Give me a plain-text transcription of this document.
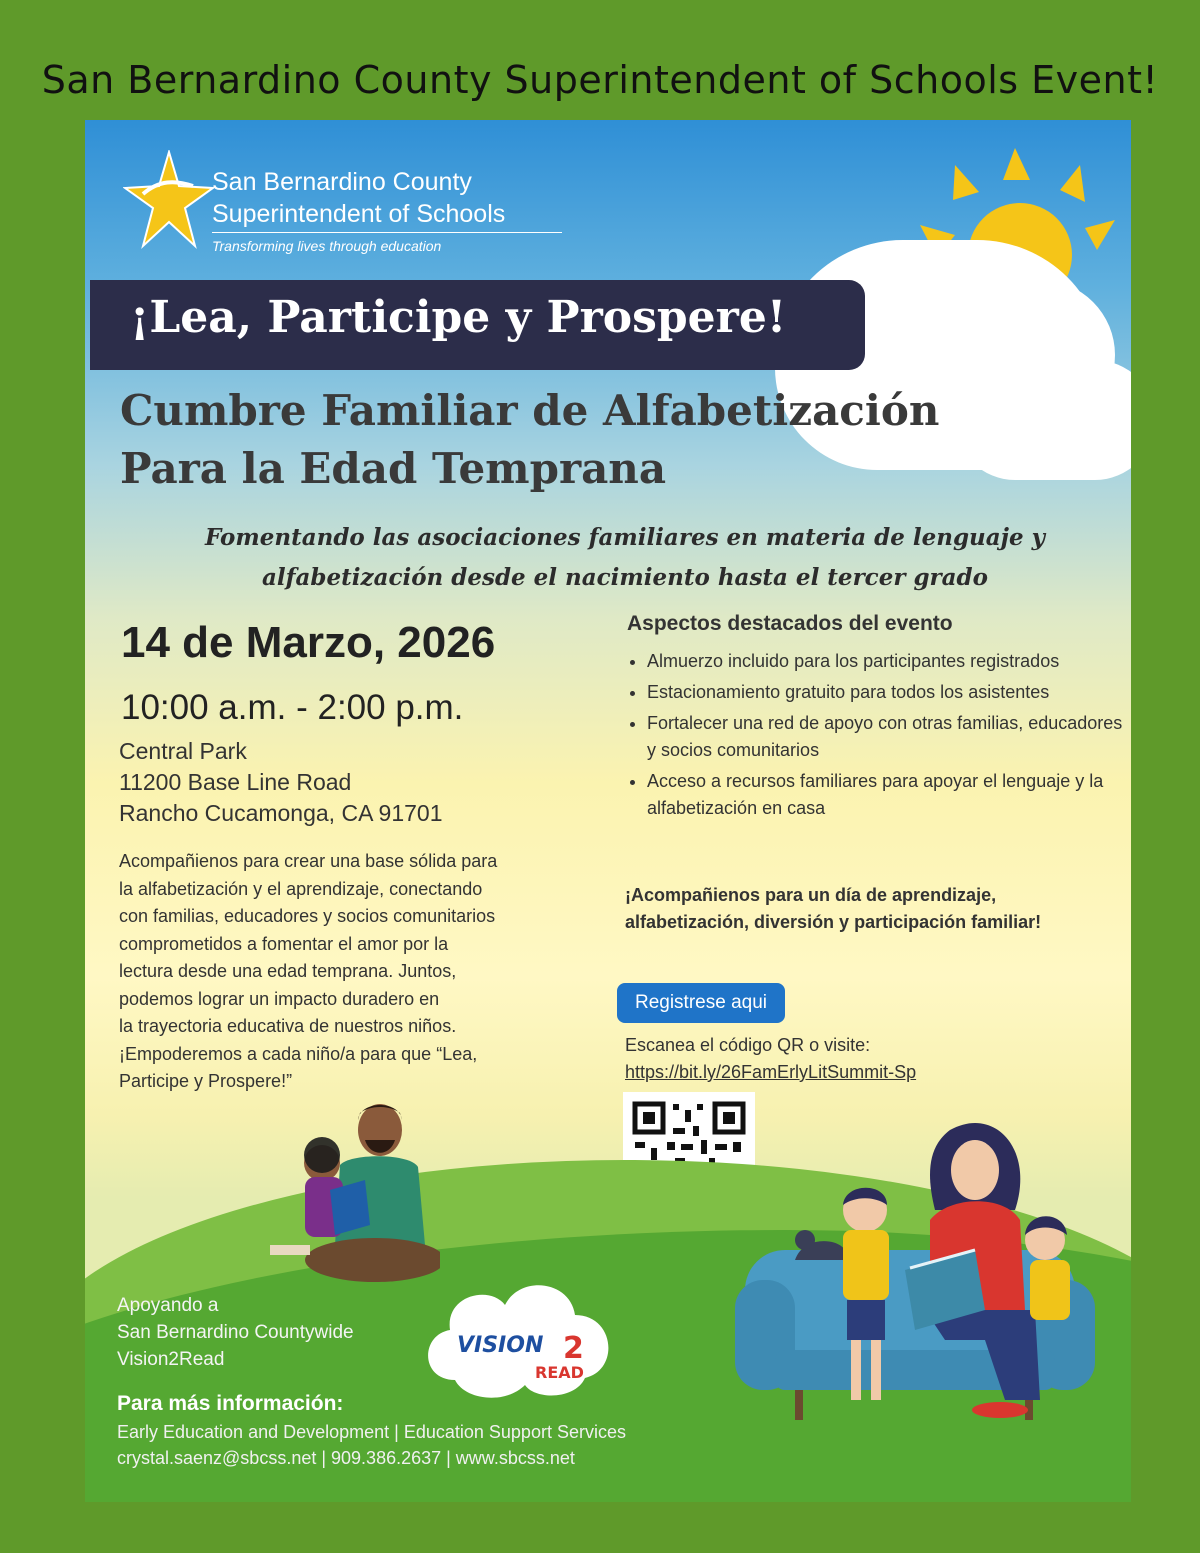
San Bernardino County Superintendent of Schools Event!
San Bernardino County
Superintendent of Schools
Transforming lives through education
¡Lea, Participe y Prospere!
Cumbre Familiar de Alfabetización
Para la Edad Temprana
Fomentando las asociaciones familiares en materia de lenguaje y
alfabetización desde el nacimiento hasta el tercer grado
14 de Marzo, 2026
10:00 a.m. - 2:00 p.m.
Central Park
11200 Base Line Road
Rancho Cucamonga, CA 91701
Acompañienos para crear una base sólida para
la alfabetización y el aprendizaje, conectando
con familias, educadores y socios comunitarios
comprometidos a fomentar el amor por la
lectura desde una edad temprana. Juntos,
podemos lograr un impacto duradero en
la trayectoria educativa de nuestros niños.
¡Empoderemos a cada niño/a para que “Lea,
Participe y Prospere!”
Aspectos destacados del evento
• Almuerzo incluido para los participantes registrados
• Estacionamiento gratuito para todos los asistentes
• Fortalecer una red de apoyo con otras familias, educadores y socios comunitarios
• Acceso a recursos familiares para apoyar el lenguaje y la alfabetización en casa
¡Acompañienos para un día de aprendizaje, alfabetización, diversión y participación familiar!
Registrese aqui
Escanea el código QR o visite:
https://bit.ly/26FamErlyLitSummit-Sp
Apoyando a
San Bernardino Countywide
Vision2Read
VISION 2
READ
Para más información:
Early Education and Development | Education Support Services
crystal.saenz@sbcss.net | 909.386.2637 | www.sbcss.net
